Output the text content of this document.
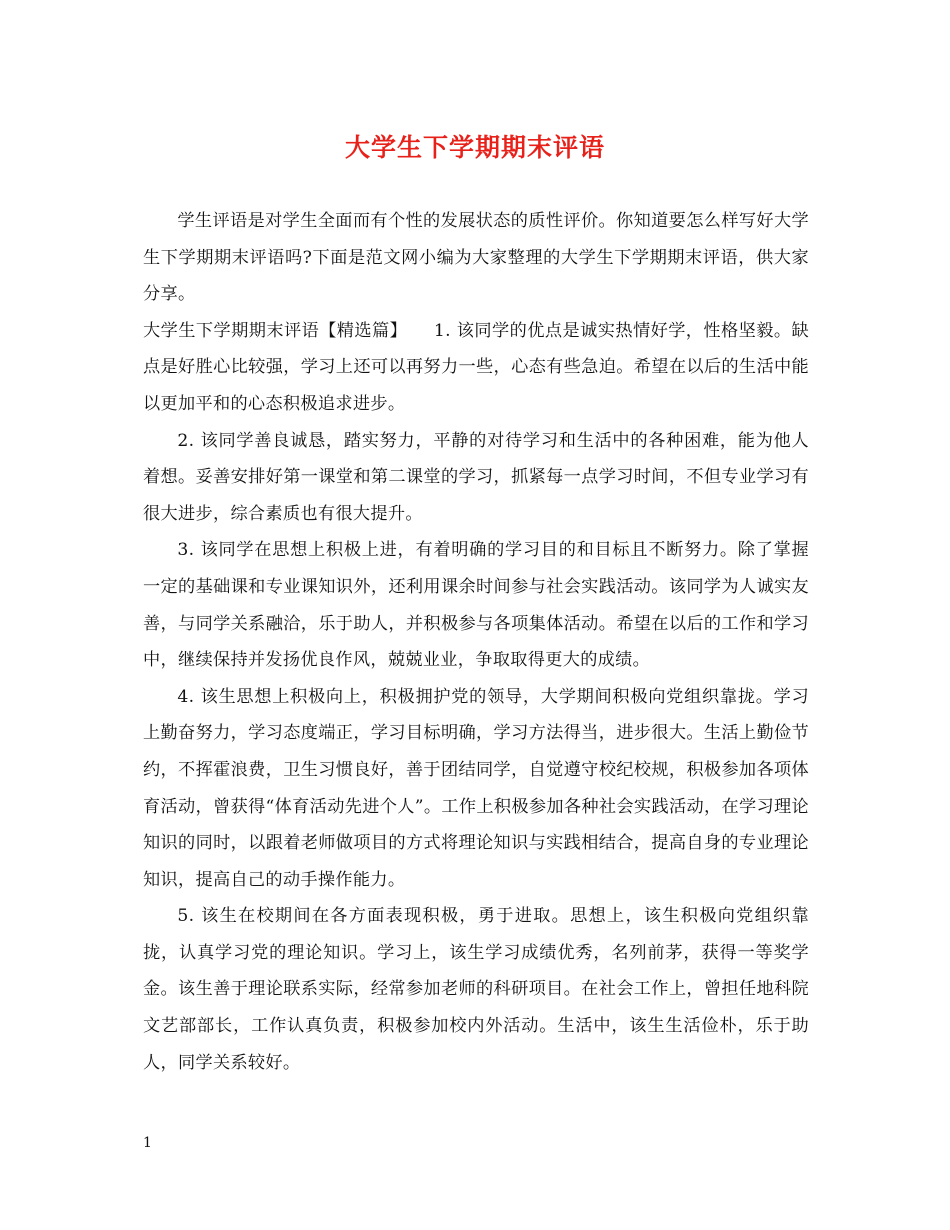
大学生下学期期末评语

学生评语是对学生全面而有个性的发展状态的质性评价。你知道要怎么样写好大学生下学期期末评语吗?下面是范文网小编为大家整理的大学生下学期期末评语，供大家分享。

大学生下学期期末评语【精选篇】　　1. 该同学的优点是诚实热情好学，性格坚毅。缺点是好胜心比较强，学习上还可以再努力一些，心态有些急迫。希望在以后的生活中能以更加平和的心态积极追求进步。

2. 该同学善良诚恳，踏实努力，平静的对待学习和生活中的各种困难，能为他人着想。妥善安排好第一课堂和第二课堂的学习，抓紧每一点学习时间，不但专业学习有很大进步，综合素质也有很大提升。

3. 该同学在思想上积极上进，有着明确的学习目的和目标且不断努力。除了掌握一定的基础课和专业课知识外，还利用课余时间参与社会实践活动。该同学为人诚实友善，与同学关系融洽，乐于助人，并积极参与各项集体活动。希望在以后的工作和学习中，继续保持并发扬优良作风，兢兢业业，争取取得更大的成绩。

4. 该生思想上积极向上，积极拥护党的领导，大学期间积极向党组织靠拢。学习上勤奋努力，学习态度端正，学习目标明确，学习方法得当，进步很大。生活上勤俭节约，不挥霍浪费，卫生习惯良好，善于团结同学，自觉遵守校纪校规，积极参加各项体育活动，曾获得“体育活动先进个人”。工作上积极参加各种社会实践活动，在学习理论知识的同时，以跟着老师做项目的方式将理论知识与实践相结合，提高自身的专业理论知识，提高自己的动手操作能力。

5. 该生在校期间在各方面表现积极，勇于进取。思想上，该生积极向党组织靠拢，认真学习党的理论知识。学习上，该生学习成绩优秀，名列前茅，获得一等奖学金。该生善于理论联系实际，经常参加老师的科研项目。在社会工作上，曾担任地科院文艺部部长，工作认真负责，积极参加校内外活动。生活中，该生生活俭朴，乐于助人，同学关系较好。

1
